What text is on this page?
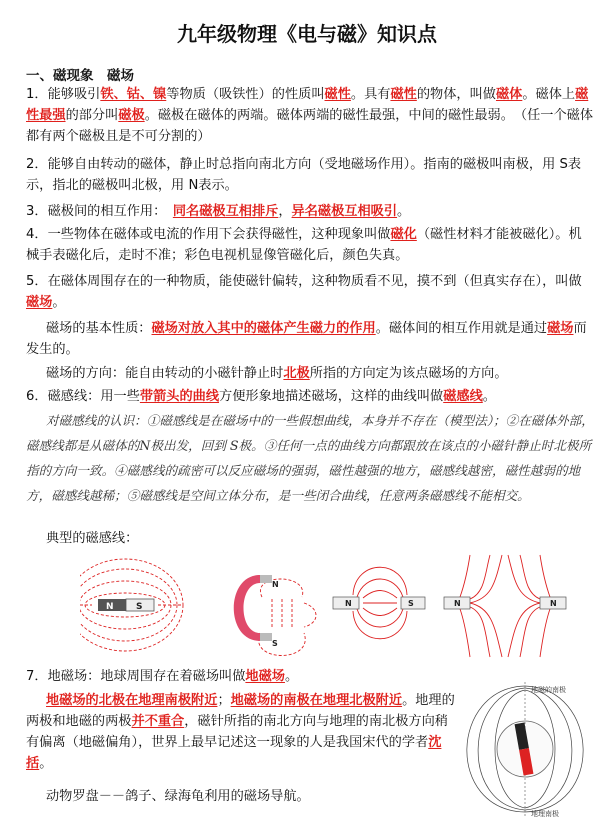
九年级物理《电与磁》知识点
一、磁现象　磁场
1．能够吸引铁、钴、镍等物质（吸铁性）的性质叫磁性。具有磁性的物体，叫做磁体。磁体上磁性最强的部分叫磁极。磁极在磁体的两端。磁体两端的磁性最强，中间的磁性最弱。　（任一个磁体都有两个磁极且是不可分割的）
2．能够自由转动的磁体，静止时总指向南北方向（受地磁场作用）。指南的磁极叫南极，用 S表示，指北的磁极叫北极，用 N表示。
3．磁极间的相互作用：　同名磁极互相排斥，异名磁极互相吸引。
4．一些物体在磁体或电流的作用下会获得磁性，这种现象叫做磁化（磁性材料才能被磁化）。机械手表磁化后，走时不准；彩色电视机显像管磁化后，颜色失真。
5．在磁体周围存在的一种物质，能使磁针偏转，这种物质看不见，摸不到（但真实存在），叫做磁场。
磁场的基本性质：磁场对放入其中的磁体产生磁力的作用。磁体间的相互作用就是通过磁场而发生的。
磁场的方向：能自由转动的小磁针静止时北极所指的方向定为该点磁场的方向。
6．磁感线：用一些带箭头的曲线方便形象地描述磁场，这样的曲线叫做磁感线。
对磁感线的认识：①磁感线是在磁场中的一些假想曲线，本身并不存在（模型法）；②在磁体外部，磁感线都是从磁体的N极出发，回到 S极。③任何一点的曲线方向都跟放在该点的小磁针静止时北极所指的方向一致。④磁感线的疏密可以反应磁场的强弱，磁性越强的地方，磁感线越密，磁性越弱的地方，磁感线越稀；⑤磁感线是空间立体分布，是一些闭合曲线，任意两条磁感线不能相交。
典型的磁感线：
N S
N
S
N	S	N	N
7．地磁场：地球周围存在着磁场叫做地磁场。
地磁场的北极在地理南极附近；地磁场的南极在地理北极附近。地理的两极和地磁的两极并不重合，磁针所指的南北方向与地理的南北极方向稍有偏离（地磁偏角），世界上最早记述这一现象的人是我国宋代的学者沈括。
动物罗盘－－鸽子、绿海龟利用的磁场导航。
地磁的南极
地理南极
